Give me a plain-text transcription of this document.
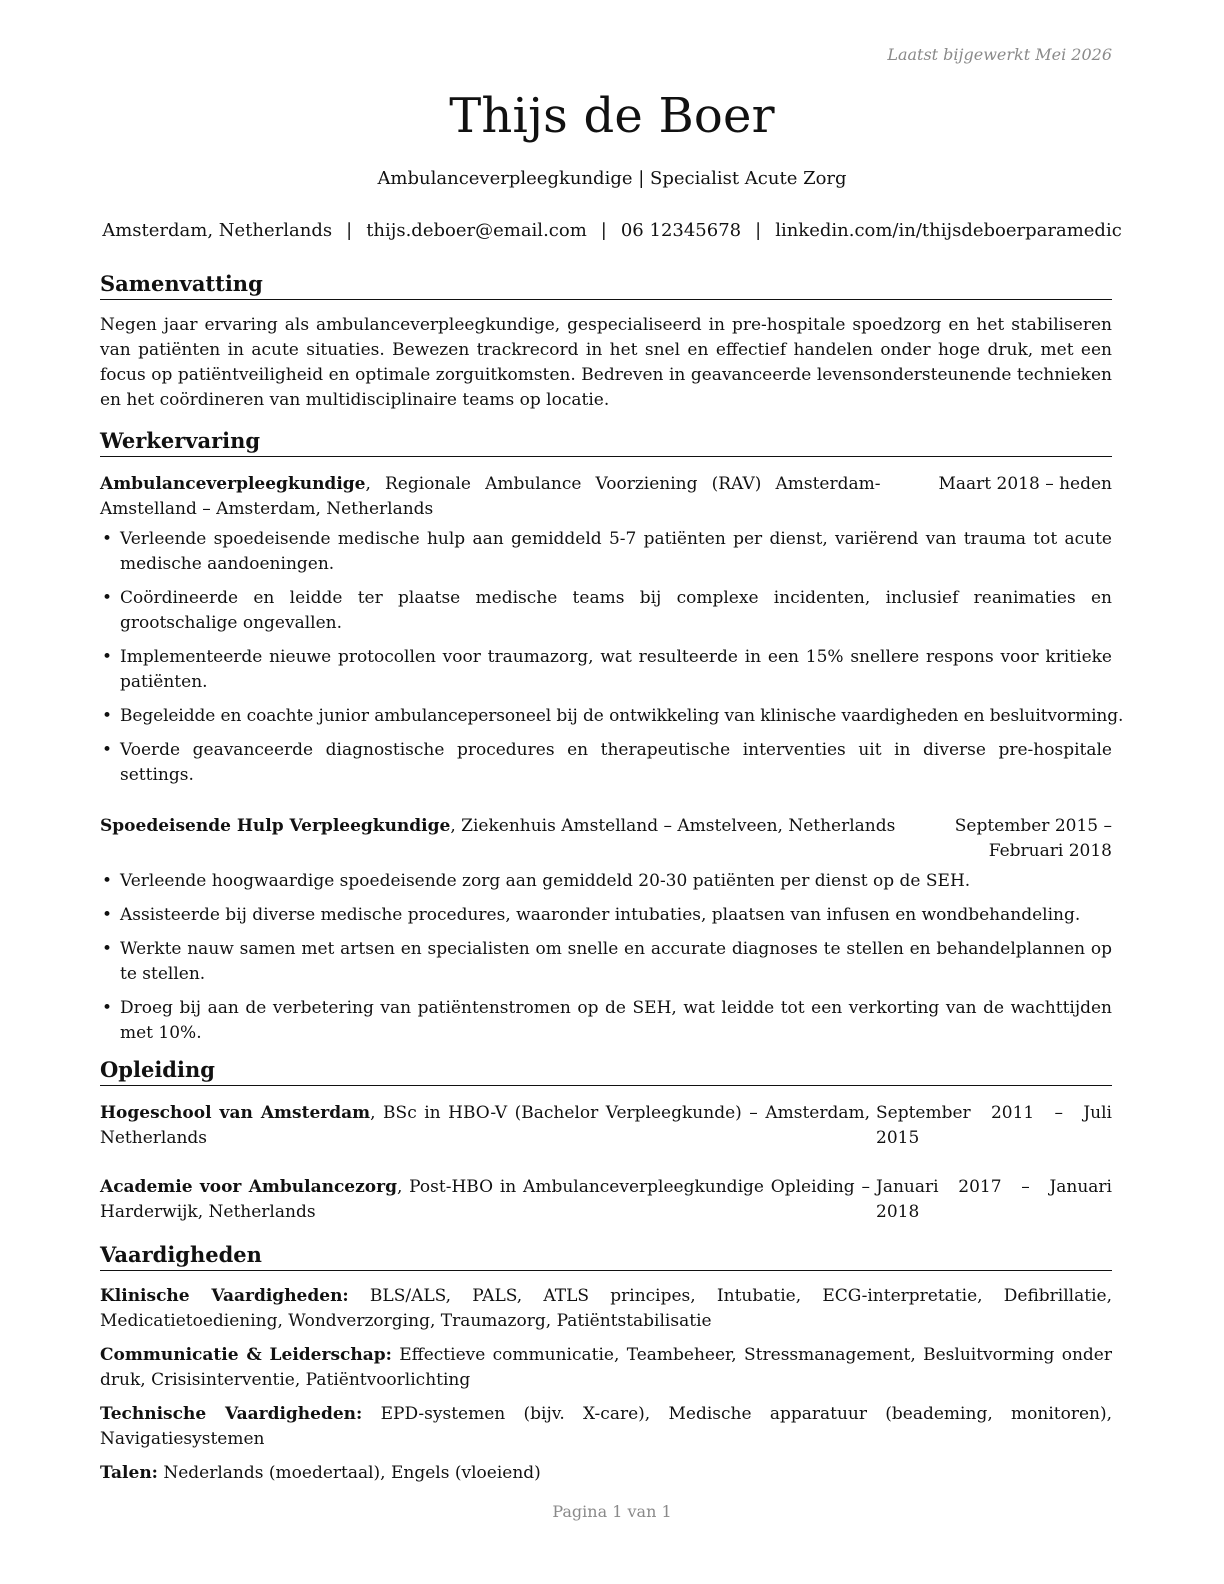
Laatst bijgewerkt Mei 2026
Thijs de Boer
Ambulanceverpleegkundige | Specialist Acute Zorg
Amsterdam, Netherlands | thijs.deboer@email.com | 06 12345678 | linkedin.com/in/thijsdeboerparamedic
Samenvatting

Negen jaar ervaring als ambulanceverpleegkundige, gespecialiseerd in pre-hospitale spoedzorg en het stabiliseren van patiënten in acute situaties. Bewezen trackrecord in het snel en effectief handelen onder hoge druk, met een focus op patiëntveiligheid en optimale zorguitkomsten. Bedreven in geavanceerde levensondersteunende technieken en het coördineren van multidisciplinaire teams op locatie.

Werkervaring
Ambulanceverpleegkundige, Regionale Ambulance Voorziening (RAV) Amsterdam-Amstelland – Amsterdam, Netherlands
Maart 2018 – heden
• Verleende spoedeisende medische hulp aan gemiddeld 5-7 patiënten per dienst, variërend van trauma tot acute medische aandoeningen.
• Coördineerde en leidde ter plaatse medische teams bij complexe incidenten, inclusief reanimaties en grootschalige ongevallen.
• Implementeerde nieuwe protocollen voor traumazorg, wat resulteerde in een 15% snellere respons voor kritieke patiënten.
• Begeleidde en coachte junior ambulancepersoneel bij de ontwikkeling van klinische vaardigheden en besluitvorming.
• Voerde geavanceerde diagnostische procedures en therapeutische interventies uit in diverse pre-hospitale settings.
Spoedeisende Hulp Verpleegkundige, Ziekenhuis Amstelland – Amstelveen, Netherlands	September 2015 – Februari 2018
• Verleende hoogwaardige spoedeisende zorg aan gemiddeld 20-30 patiënten per dienst op de SEH.
• Assisteerde bij diverse medische procedures, waaronder intubaties, plaatsen van infusen en wondbehandeling.
• Werkte nauw samen met artsen en specialisten om snelle en accurate diagnoses te stellen en behandelplannen op te stellen.
• Droeg bij aan de verbetering van patiëntenstromen op de SEH, wat leidde tot een verkorting van de wachttijden met 10%.
Opleiding
Hogeschool van Amsterdam, BSc in HBO-V (Bachelor Verpleegkunde) – Amsterdam, Netherlands
September 2011 – Juli 2015
Academie voor Ambulancezorg, Post-HBO in Ambulanceverpleegkundige Opleiding – Harderwijk, Netherlands
Januari 2017 – Januari 2018
Vaardigheden

Klinische Vaardigheden: BLS/ALS, PALS, ATLS principes, Intubatie, ECG-interpretatie, Defibrillatie, Medicatietoediening, Wondverzorging, Traumazorg, Patiëntstabilisatie

Communicatie & Leiderschap: Effectieve communicatie, Teambeheer, Stressmanagement, Besluitvorming onder druk, Crisisinterventie, Patiëntvoorlichting

Technische Vaardigheden: EPD-systemen (bijv. X-care), Medische apparatuur (beademing, monitoren), Navigatiesystemen

Talen: Nederlands (moedertaal), Engels (vloeiend)

Pagina 1 van 1
